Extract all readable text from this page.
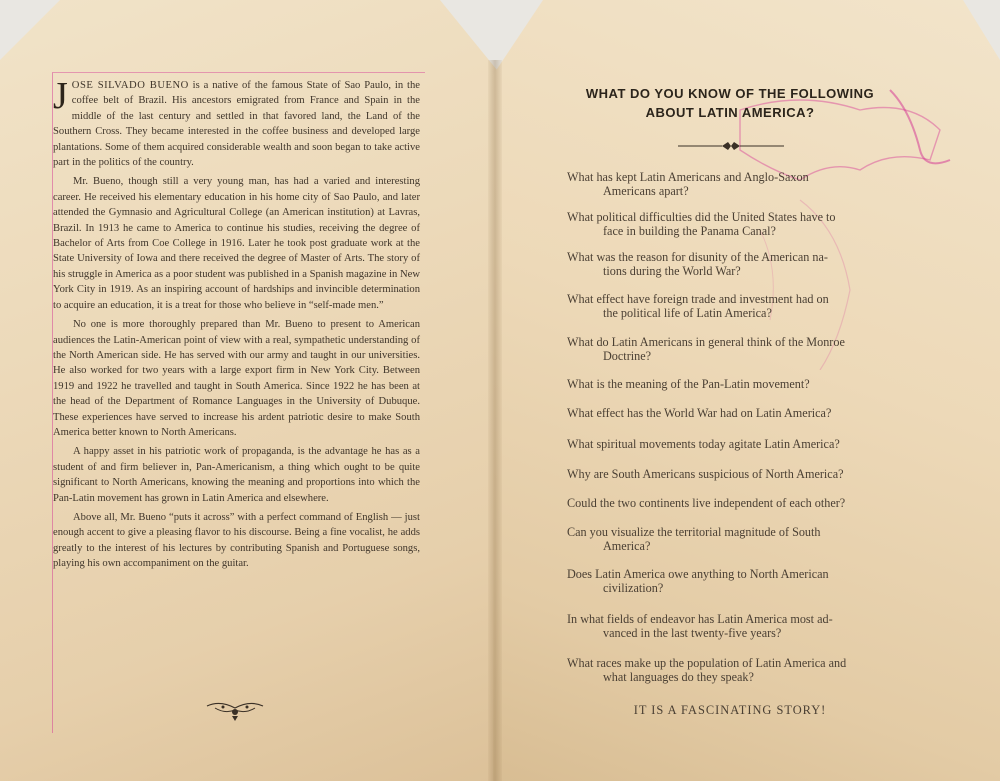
JOSE SILVADO BUENO is a native of the famous State of Sao Paulo, in the coffee belt of Brazil. His ancestors emigrated from France and Spain in the middle of the last century and settled in that favored land, the Land of the Southern Cross. They became interested in the coffee business and developed large plantations. Some of them acquired considerable wealth and soon began to take active part in the politics of the country.

Mr. Bueno, though still a very young man, has had a varied and interesting career. He received his elementary education in his home city of Sao Paulo, and later attended the Gymnasio and Agricultural College (an American institution) at Lavras, Brazil. In 1913 he came to America to continue his studies, receiving the degree of Bachelor of Arts from Coe College in 1916. Later he took post graduate work at the State University of Iowa and there received the degree of Master of Arts. The story of his struggle in America as a poor student was published in a Spanish magazine in New York City in 1919. As an inspiring account of hardships and invincible determination to acquire an education, it is a treat for those who believe in “self-made men.”

No one is more thoroughly prepared than Mr. Bueno to present to American audiences the Latin-American point of view with a real, sympathetic understanding of the North American side. He has served with our army and taught in our universities. He also worked for two years with a large export firm in New York City. Between 1919 and 1922 he travelled and taught in South America. Since 1922 he has been at the head of the Department of Romance Languages in the University of Dubuque. These experiences have served to increase his ardent patriotic desire to make South America better known to North Americans.

A happy asset in his patriotic work of propaganda, is the advantage he has as a student of and firm believer in, Pan-Americanism, a thing which ought to be quite significant to North Americans, knowing the meaning and proportions into which the Pan-Latin movement has grown in Latin America and elsewhere.

Above all, Mr. Bueno “puts it across” with a perfect command of English — just enough accent to give a pleasing flavor to his discourse. Being a fine vocalist, he adds greatly to the interest of his lectures by contributing Spanish and Portuguese songs, playing his own accompaniment on the guitar.

WHAT DO YOU KNOW OF THE FOLLOWING
ABOUT LATIN AMERICA?
What has kept Latin Americans and Anglo-Saxon
Americans apart?
What political difficulties did the United States have to
face in building the Panama Canal?
What was the reason for disunity of the American na-
tions during the World War?
What effect have foreign trade and investment had on
the political life of Latin America?
What do Latin Americans in general think of the Monroe
Doctrine?
What is the meaning of the Pan-Latin movement?
What effect has the World War had on Latin America?
What spiritual movements today agitate Latin America?
Why are South Americans suspicious of North America?
Could the two continents live independent of each other?
Can you visualize the territorial magnitude of South
America?
Does Latin America owe anything to North American
civilization?
In what fields of endeavor has Latin America most ad-
vanced in the last twenty-five years?
What races make up the population of Latin America and
what languages do they speak?
IT IS A FASCINATING STORY!
